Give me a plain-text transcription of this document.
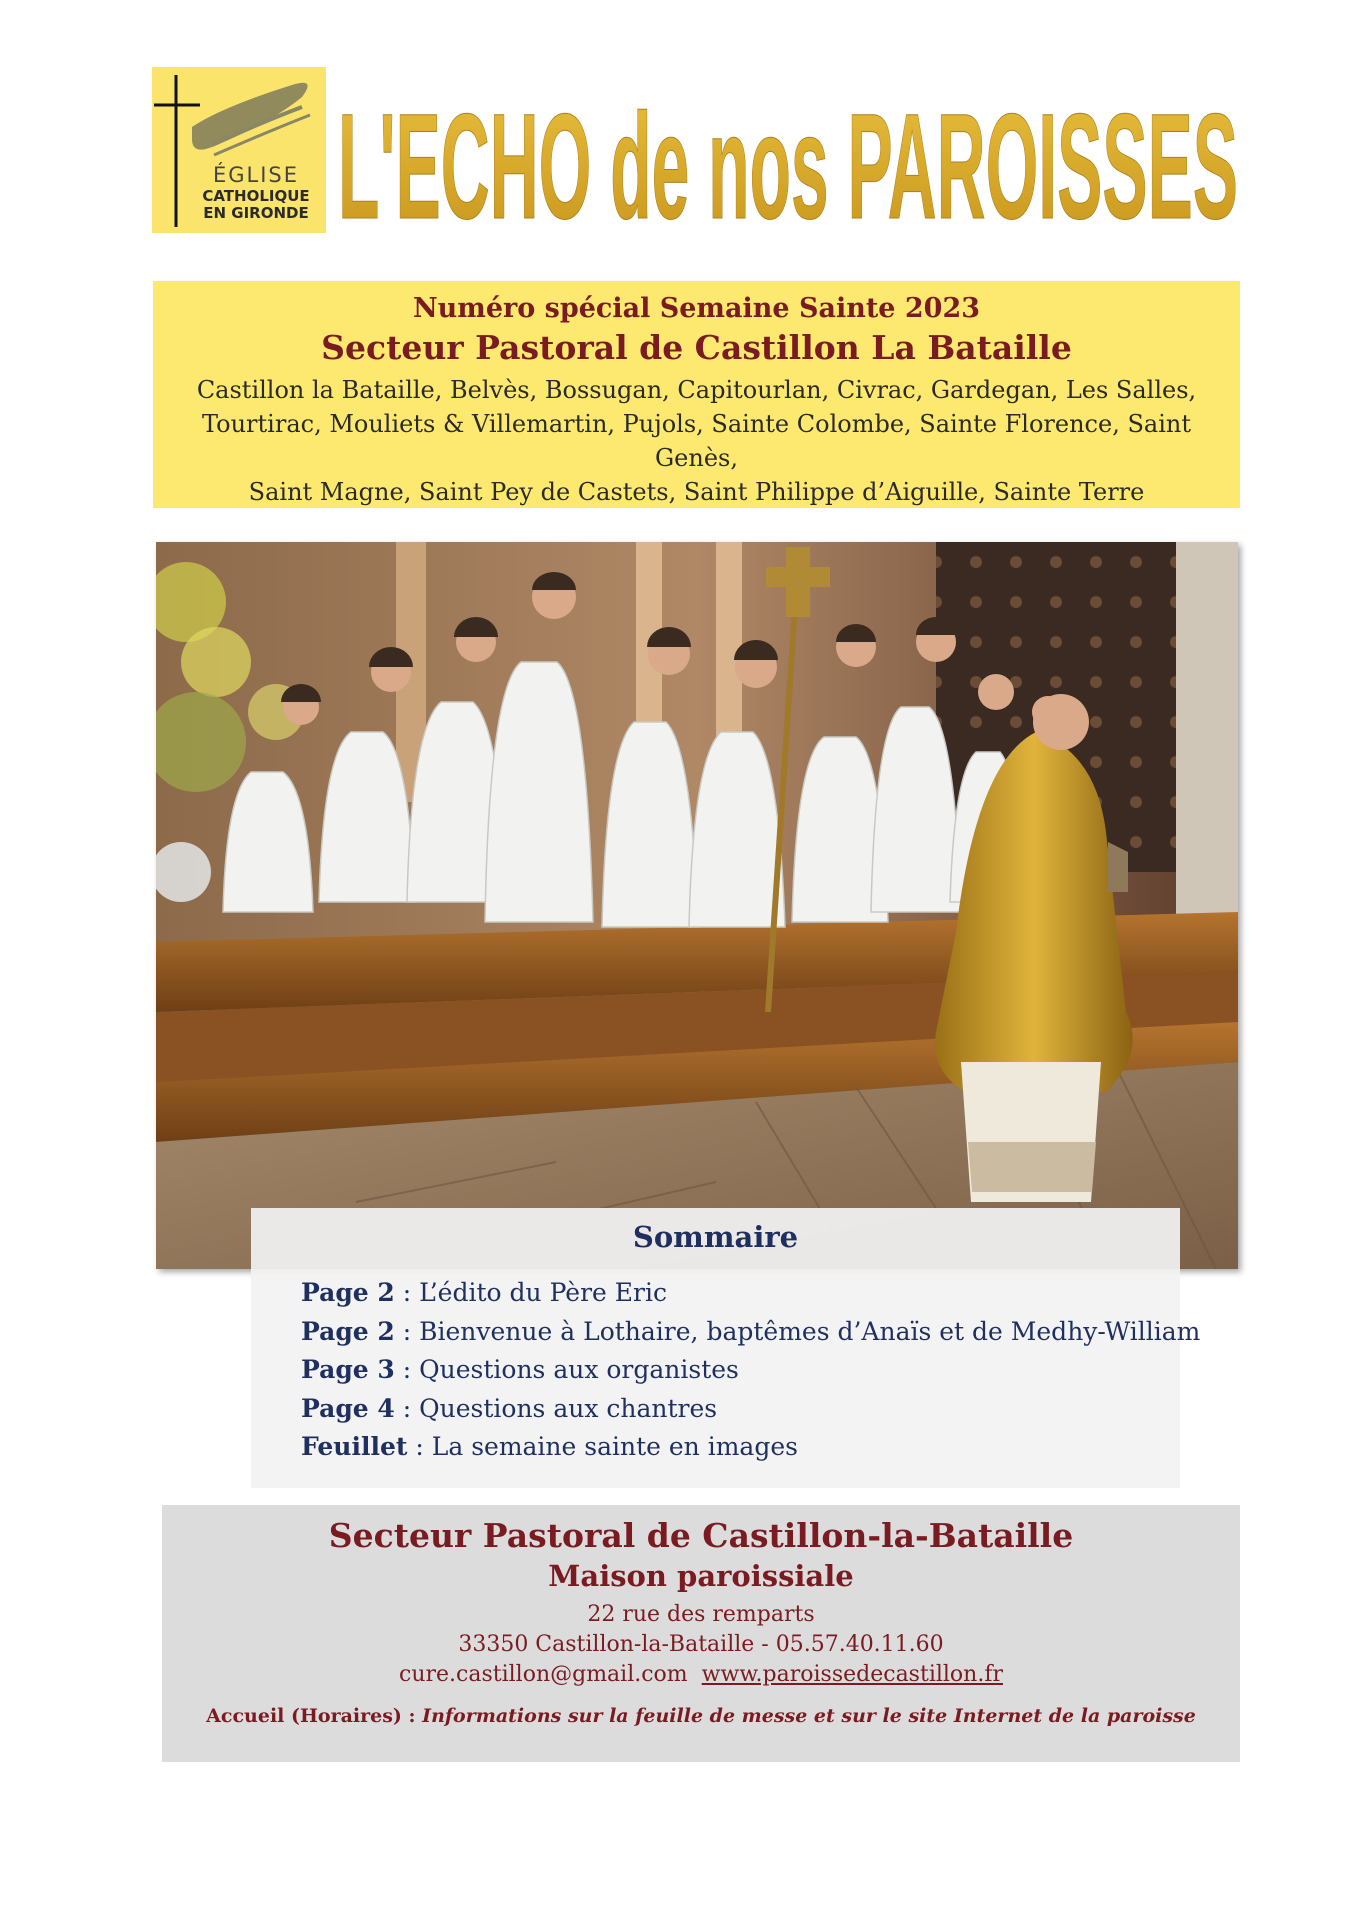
ÉGLISE
CATHOLIQUE
EN GIRONDE L'ECHO de nos PAROISSES
Numéro spécial Semaine Sainte 2023
Secteur Pastoral de Castillon La Bataille
Castillon la Bataille, Belvès, Bossugan, Capitourlan, Civrac, Gardegan, Les Salles,
Tourtirac, Mouliets & Villemartin, Pujols, Sainte Colombe, Sainte Florence, Saint Genès,
Saint Magne, Saint Pey de Castets, Saint Philippe d’Aiguille, Sainte Terre
Sommaire
Page 2 : L’édito du Père Eric
Page 2 : Bienvenue à Lothaire, baptêmes d’Anaïs et de Medhy-William
Page 3 : Questions aux organistes
Page 4 : Questions aux chantres
Feuillet : La semaine sainte en images
Secteur Pastoral de Castillon-la-Bataille
Maison paroissiale
22 rue des remparts
33350 Castillon-la-Bataille - 05.57.40.11.60
cure.castillon@gmail.com www.paroissedecastillon.fr
Accueil (Horaires) : Informations sur la feuille de messe et sur le site Internet de la paroisse
